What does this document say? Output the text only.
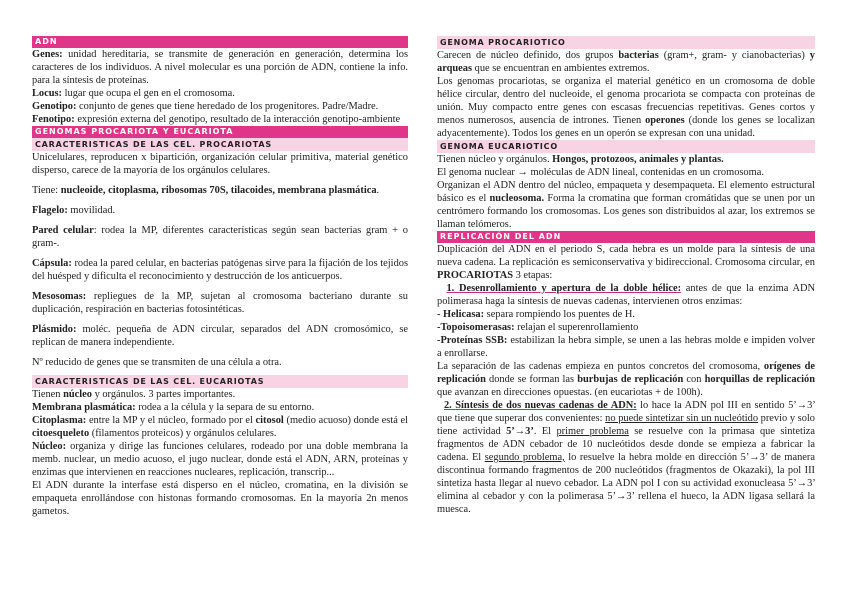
ADN

Genes: unidad hereditaria, se transmite de generación en generación, determina los caracteres de los individuos. A nivel molecular es una porción de ADN, contiene la info. para la síntesis de proteínas.

Locus: lugar que ocupa el gen en el cromosoma.

Genotipo: conjunto de genes que tiene heredado de los progenitores. Padre/Madre.

Fenotipo: expresión externa del genotipo, resultado de la interacción genotipo-ambiente

GENOMAS PROCARIOTA Y EUCARIOTA
CARACTERISTICAS DE LAS CEL. PROCARIOTAS

Unicelulares, reproducen x bipartición, organización celular primitiva, material genético disperso, carece de la mayoría de los orgánulos celulares.

Tiene: nucleoide, citoplasma, ribosomas 70S, tilacoides, membrana plasmática.

Flagelo: movilidad.

Pared celular: rodea la MP, diferentes características según sean bacterias gram + o gram-.

Cápsula: rodea la pared celular, en bacterias patógenas sirve para la fijación de los tejidos del huésped y dificulta el reconocimiento y destrucción de los anticuerpos.

Mesosomas: repliegues de la MP, sujetan al cromosoma bacteriano durante su duplicación, respiración en bacterias fotosintéticas.

Plásmido: moléc. pequeña de ADN circular, separados del ADN cromosómico, se replican de manera independiente.

Nº reducido de genes que se transmiten de una célula a otra.

CARACTERISTICAS DE LAS CEL. EUCARIOTAS

Tienen núcleo y orgánulos. 3 partes importantes.

Membrana plasmática: rodea a la célula y la separa de su entorno.

Citoplasma: entre la MP y el núcleo, formado por el citosol (medio acuoso) donde está el citoesqueleto (filamentos proteicos) y orgánulos celulares.

Núcleo: organiza y dirige las funciones celulares, rodeado por una doble membrana la memb. nuclear, un medio acuoso, el jugo nuclear, donde está el ADN, ARN, proteínas y enzimas que intervienen en reacciones nucleares, replicación, transcrip...

El ADN durante la interfase está disperso en el núcleo, cromatina, en la división se empaqueta enrollándose con histonas formando cromosomas. En la mayoría 2n menos gametos.

GENOMA PROCARIOTICO

Carecen de núcleo definido, dos grupos bacterias (gram+, gram- y cianobacterias) y arqueas que se encuentran en ambientes extremos.

Los genomas procariotas, se organiza el material genético en un cromosoma de doble hélice circular, dentro del nucleoide, el genoma procariota se compacta con proteínas de unión. Muy compacto entre genes con escasas frecuencias repetitivas. Genes cortos y menos numerosos, ausencia de intrones. Tienen operones (donde los genes se localizan adyacentemente). Todos los genes en un operón se expresan con una unidad.

GENOMA EUCARIOTICO

Tienen núcleo y orgánulos. Hongos, protozoos, animales y plantas.

El genoma nuclear → moléculas de ADN lineal, contenidas en un cromosoma.

Organizan el ADN dentro del núcleo, empaqueta y desempaqueta. El elemento estructural básico es el nucleosoma. Forma la cromatina que forman cromátidas que se unen por un centrómero formando los cromosomas. Los genes son distribuidos al azar, los extremos se llaman telómeros.

REPLICACIÓN DEL ADN

Duplicación del ADN en el periodo S, cada hebra es un molde para la síntesis de una nueva cadena. La replicación es semiconservativa y bidireccional. Cromosoma circular, en PROCARIOTAS 3 etapas:

1. Desenrollamiento y apertura de la doble hélice: antes de que la enzima ADN polimerasa haga la síntesis de nuevas cadenas, intervienen otros enzimas:

- Helicasa: separa rompiendo los puentes de H.

-Topoisomerasas: relajan el superenrollamiento

-Proteínas SSB: estabilizan la hebra simple, se unen a las hebras molde e impiden volver a enrollarse.

La separación de las cadenas empieza en puntos concretos del cromosoma, orígenes de replicación donde se forman las burbujas de replicación con horquillas de replicación que avanzan en direcciones opuestas. (en eucariotas + de 100h).

2. Síntesis de dos nuevas cadenas de ADN: lo hace la ADN pol III en sentido 5’→3’ que tiene que superar dos convenientes: no puede sintetizar sin un nucleótido previo y solo tiene actividad 5’→3’. El primer problema se resuelve con la primasa que sintetiza fragmentos de ADN cebador de 10 nucleótidos desde donde se empieza a fabricar la cadena. El segundo problema, lo resuelve la hebra molde en dirección 5’→3’ de manera discontinua formando fragmentos de 200 nucleótidos (fragmentos de Okazaki), la pol III sintetiza hasta llegar al nuevo cebador. La ADN pol I con su actividad exonucleasa 5’→3’ elimina al cebador y con la polimerasa 5’→3’ rellena el hueco, la ADN ligasa sellará la muesca.
